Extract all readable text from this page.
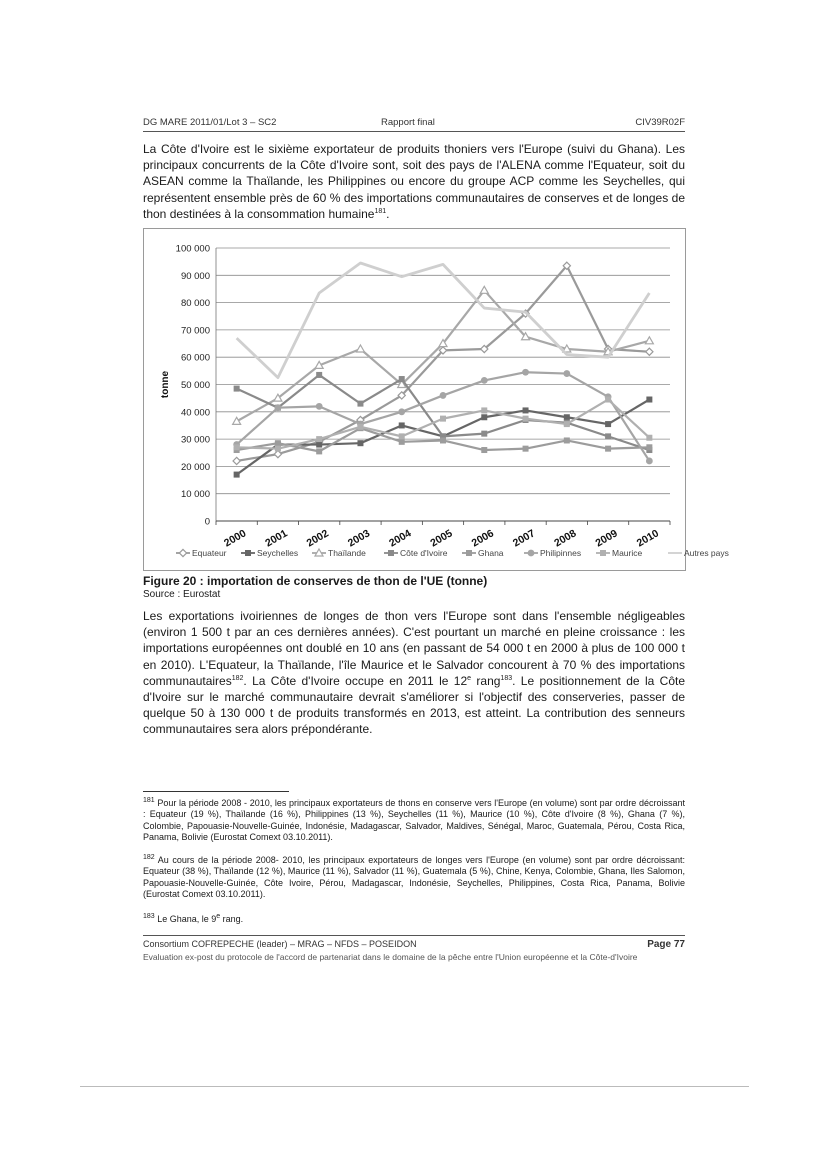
DG MARE 2011/01/Lot 3 – SC2	Rapport final	CIV39R02F
La Côte d'Ivoire est le sixième exportateur de produits thoniers vers l'Europe (suivi du Ghana). Les principaux concurrents de la Côte d'Ivoire sont, soit des pays de l'ALENA comme l'Equateur, soit du ASEAN comme la Thaïlande, les Philippines ou encore du groupe ACP comme les Seychelles, qui représentent ensemble près de 60 % des importations communautaires de conserves et de longes de thon destinées à la consommation humaine$^{181}$.
0
10 000
20 000
30 000
40 000
50 000
60 000
70 000
80 000
90 000
100 000
2000 2001 2002 2003 2004 2005 2006 2007 2008 2009 2010
tonne
Equateur	Seychelles	Thaïlande	Côte d'Ivoire	Ghana	Philipinnes	Maurice	Autres pays
Figure 20 : importation de conserves de thon de l'UE (tonne)
Source : Eurostat
Les exportations ivoiriennes de longes de thon vers l'Europe sont dans l'ensemble négligeables (environ 1 500 t par an ces dernières années). C'est pourtant un marché en pleine croissance : les importations européennes ont doublé en 10 ans (en passant de 54 000 t en 2000 à plus de 100 000 t en 2010). L'Equateur, la Thaïlande, l'île Maurice et le Salvador concourent à 70 % des importations communautaires$^{182}$. La Côte d'Ivoire occupe en 2011 le 12e rang$^{183}$. Le positionnement de la Côte d'Ivoire sur le marché communautaire devrait s'améliorer si l'objectif des conserveries, passer de quelque 50 à 130 000 t de produits transformés en 2013, est atteint. La contribution des senneurs communautaires sera alors prépondérante.
$^{181}$ Pour la période 2008 - 2010, les principaux exportateurs de thons en conserve vers l'Europe (en volume) sont par ordre décroissant : Equateur (19 %), Thaïlande (16 %), Philippines (13 %), Seychelles (11 %), Maurice (10 %), Côte d'Ivoire (8 %), Ghana (7 %), Colombie, Papouasie-Nouvelle-Guinée, Indonésie, Madagascar, Salvador, Maldives, Sénégal, Maroc, Guatemala, Pérou, Costa Rica, Panama, Bolivie (Eurostat Comext 03.10.2011).
$^{182}$ Au cours de la période 2008- 2010, les principaux exportateurs de longes vers l'Europe (en volume) sont par ordre décroissant: Equateur (38 %), Thaïlande (12 %), Maurice (11 %), Salvador (11 %), Guatemala (5 %), Chine, Kenya, Colombie, Ghana, Iles Salomon, Papouasie-Nouvelle-Guinée, Côte Ivoire, Pérou, Madagascar, Indonésie, Seychelles, Philippines, Costa Rica, Panama, Bolivie (Eurostat Comext 03.10.2011).
$^{183}$ Le Ghana, le 9e rang.
Consortium COFREPECHE (leader) – MRAG – NFDS – POSEIDON	Page 77
Evaluation ex-post du protocole de l'accord de partenariat dans le domaine de la pêche entre l'Union européenne et la Côte-d'Ivoire
